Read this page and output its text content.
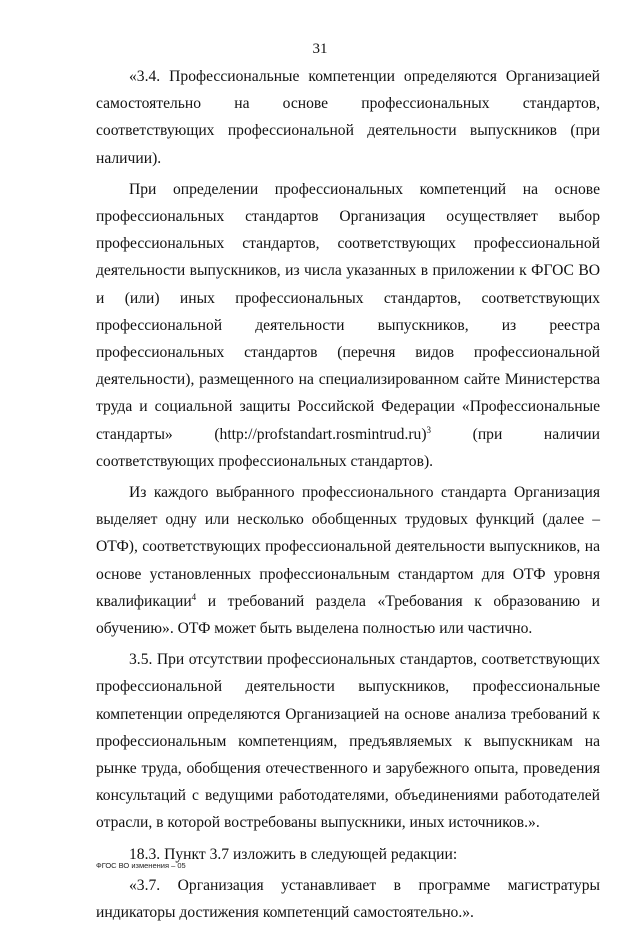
31

«3.4. Профессиональные компетенции определяются Организацией самостоятельно на основе профессиональных стандартов, соответствующих профессиональной деятельности выпускников (при наличии).

При определении профессиональных компетенций на основе профессиональных стандартов Организация осуществляет выбор профессиональных стандартов, соответствующих профессиональной деятельности выпускников, из числа указанных в приложении к ФГОС ВО и (или) иных профессиональных стандартов, соответствующих профессиональной деятельности выпускников, из реестра профессиональных стандартов (перечня видов профессиональной деятельности), размещенного на специализированном сайте Министерства труда и социальной защиты Российской Федерации «Профессиональные стандарты» (http://profstandart.rosmintrud.ru)$^3$ (при наличии соответствующих профессиональных стандартов).

Из каждого выбранного профессионального стандарта Организация выделяет одну или несколько обобщенных трудовых функций (далее – ОТФ), соответствующих профессиональной деятельности выпускников, на основе установленных профессиональным стандартом для ОТФ уровня квалификации$^4$ и требований раздела «Требования к образованию и обучению». ОТФ может быть выделена полностью или частично.

3.5. При отсутствии профессиональных стандартов, соответствующих профессиональной деятельности выпускников, профессиональные компетенции определяются Организацией на основе анализа требований к профессиональным компетенциям, предъявляемых к выпускникам на рынке труда, обобщения отечественного и зарубежного опыта, проведения консультаций с ведущими работодателями, объединениями работодателей отрасли, в которой востребованы выпускники, иных источников.».

18.3. Пункт 3.7 изложить в следующей редакции:

«3.7. Организация устанавливает в программе магистратуры индикаторы достижения компетенций самостоятельно.».

ФГОС ВО изменения – 05
